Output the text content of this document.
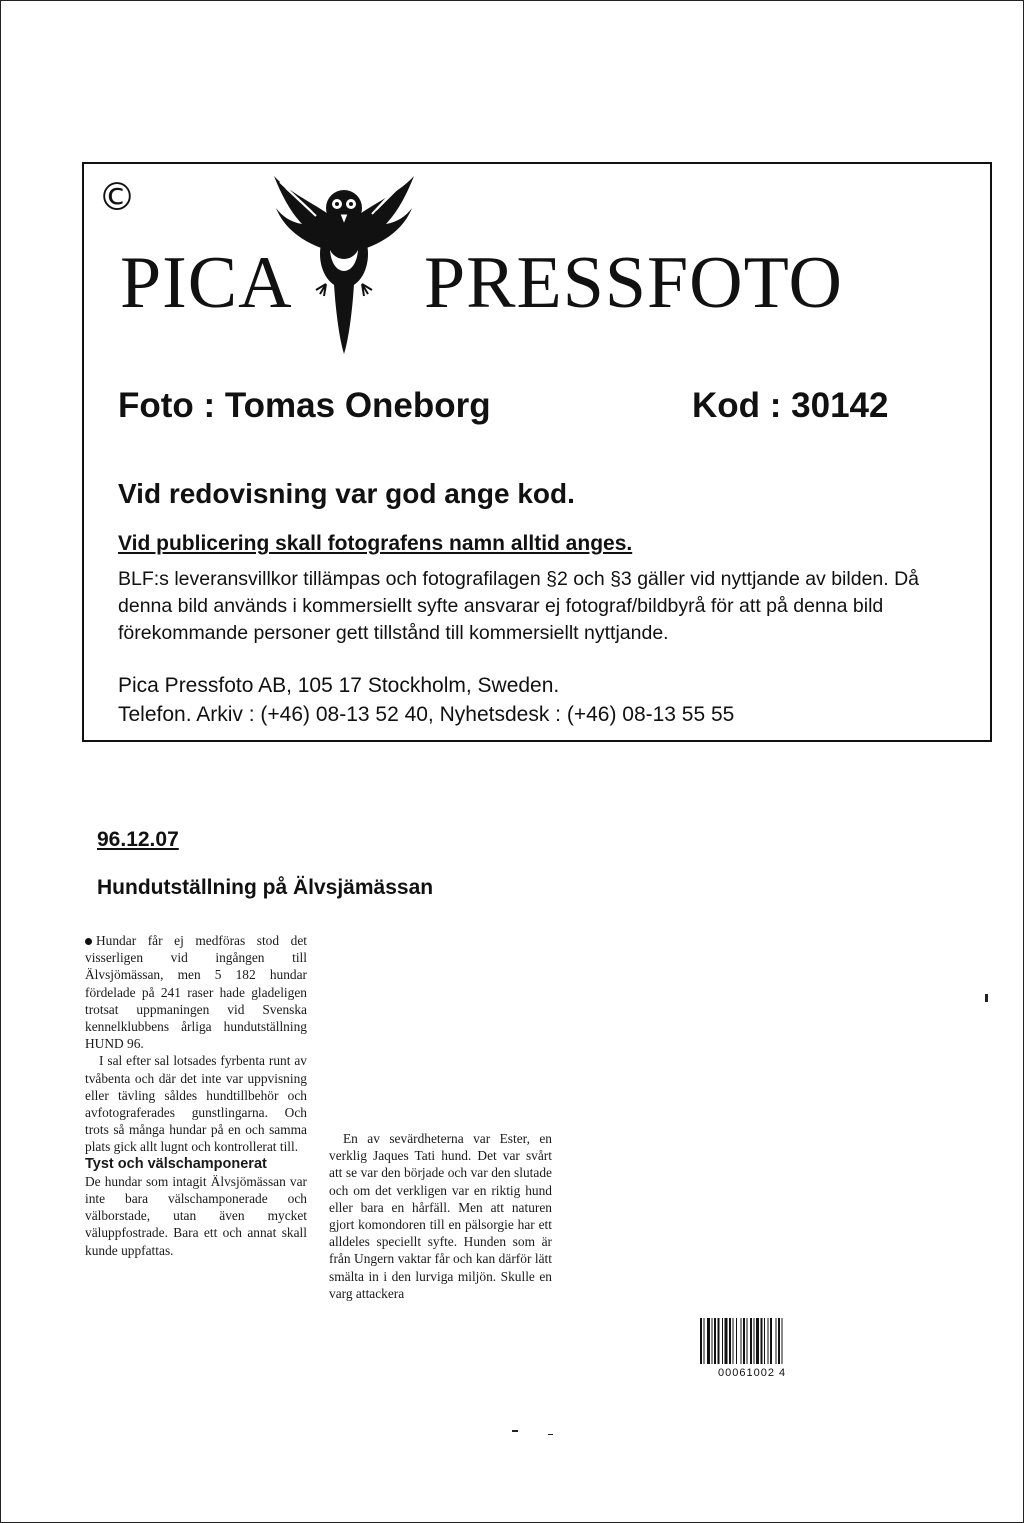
©
PICA PRESSFOTO
Foto : Tomas Oneborg	Kod : 30142
Vid redovisning var god ange kod.
Vid publicering skall fotografens namn alltid anges.
BLF:s leveransvillkor tillämpas och fotografilagen §2 och §3 gäller vid nyttjande av bilden. Då denna bild används i kommersiellt syfte ansvarar ej fotograf/bildbyrå för att på denna bild förekommande personer gett tillstånd till kommersiellt nyttjande.
Pica Pressfoto AB, 105 17 Stockholm, Sweden.
Telefon. Arkiv : (+46) 08-13 52 40, Nyhetsdesk : (+46) 08-13 55 55
96.12.07
Hundutställning på Älvsjämässan

Hundar får ej medföras stod det visserligen vid ingången till Älvsjömässan, men 5 182 hundar fördelade på 241 raser hade gladeligen trotsat uppmaningen vid Svenska kennelklubbens årliga hundutställning HUND 96.

I sal efter sal lotsades fyrbenta runt av tvåbenta och där det inte var uppvisning eller tävling såldes hundtillbehör och avfotograferades gunstlingarna. Och trots så många hundar på en och samma plats gick allt lugnt och kontrollerat till.

Tyst och välschamponerat

De hundar som intagit Älvsjömässan var inte bara välschamponerade och välborstade, utan även mycket väluppfostrade. Bara ett och annat skall kunde uppfattas.

En av sevärdheterna var Ester, en verklig Jaques Tati hund. Det var svårt att se var den började och var den slutade och om det verkligen var en riktig hund eller bara en hårfäll. Men att naturen gjort komondoren till en pälsorgie har ett alldeles speciellt syfte. Hunden som är från Ungern vaktar får och kan därför lätt smälta in i den lurviga miljön. Skulle en varg attackera

00061002 4
